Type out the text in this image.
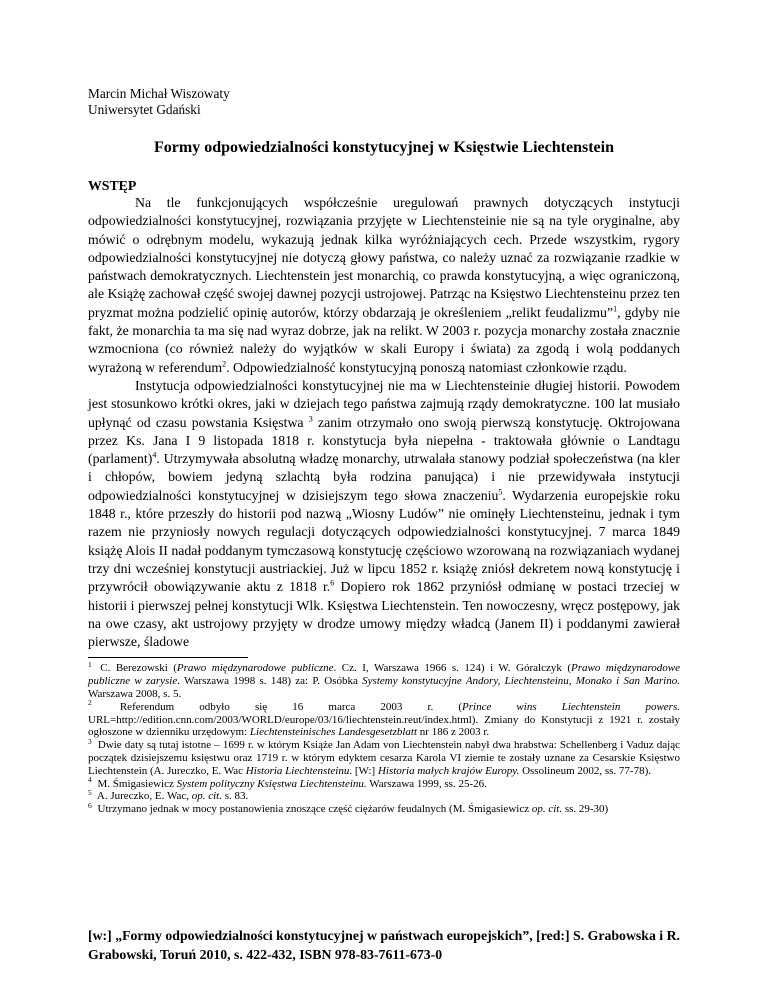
Marcin Michał Wiszowaty
Uniwersytet Gdański
Formy odpowiedzialności konstytucyjnej w Księstwie Liechtenstein
WSTĘP

Na tle funkcjonujących współcześnie uregulowań prawnych dotyczących instytucji odpowiedzialności konstytucyjnej, rozwiązania przyjęte w Liechtensteinie nie są na tyle oryginalne, aby mówić o odrębnym modelu, wykazują jednak kilka wyróżniających cech. Przede wszystkim, rygory odpowiedzialności konstytucyjnej nie dotyczą głowy państwa, co należy uznać za rozwiązanie rzadkie w państwach demokratycznych. Liechtenstein jest monarchią, co prawda konstytucyjną, a więc ograniczoną, ale Książę zachował część swojej dawnej pozycji ustrojowej. Patrząc na Księstwo Liechtensteinu przez ten pryzmat można podzielić opinię autorów, którzy obdarzają je określeniem „relikt feudalizmu”$^1$, gdyby nie fakt, że monarchia ta ma się nad wyraz dobrze, jak na relikt. W 2003 r. pozycja monarchy została znacznie wzmocniona (co również należy do wyjątków w skali Europy i świata) za zgodą i wolą poddanych wyrażoną w referendum$^2$. Odpowiedzialność konstytucyjną ponoszą natomiast członkowie rządu.

Instytucja odpowiedzialności konstytucyjnej nie ma w Liechtensteinie długiej historii. Powodem jest stosunkowo krótki okres, jaki w dziejach tego państwa zajmują rządy demokratyczne. 100 lat musiało upłynąć od czasu powstania Księstwa $^3$ zanim otrzymało ono swoją pierwszą konstytucję. Oktrojowana przez Ks. Jana I 9 listopada 1818 r. konstytucja była niepełna - traktowała głównie o Landtagu (parlament)$^4$. Utrzymywała absolutną władzę monarchy, utrwalała stanowy podział społeczeństwa (na kler i chłopów, bowiem jedyną szlachtą była rodzina panująca) i nie przewidywała instytucji odpowiedzialności konstytucyjnej w dzisiejszym tego słowa znaczeniu$^5$. Wydarzenia europejskie roku 1848 r., które przeszły do historii pod nazwą „Wiosny Ludów” nie ominęły Liechtensteinu, jednak i tym razem nie przyniosły nowych regulacji dotyczących odpowiedzialności konstytucyjnej. 7 marca 1849 książę Alois II nadał poddanym tymczasową konstytucję częściowo wzorowaną na rozwiązaniach wydanej trzy dni wcześniej konstytucji austriackiej. Już w lipcu 1852 r. książę zniósł dekretem nową konstytucję i przywrócił obowiązywanie aktu z 1818 r.$^6$ Dopiero rok 1862 przyniósł odmianę w postaci trzeciej w historii i pierwszej pełnej konstytucji Wlk. Księstwa Liechtenstein. Ten nowoczesny, wręcz postępowy, jak na owe czasy, akt ustrojowy przyjęty w drodze umowy między władcą (Janem II) i poddanymi zawierał pierwsze, śladowe

$^1$ C. Berezowski (Prawo międzynarodowe publiczne. Cz. I, Warszawa 1966 s. 124) i W. Góralczyk (Prawo międzynarodowe publiczne w zarysie. Warszawa 1998 s. 148) za: P. Osóbka Systemy konstytucyjne Andory, Liechtensteinu, Monako i San Marino. Warszawa 2008, s. 5.

$^2$ Referendum odbyło się 16 marca 2003 r. (Prince wins Liechtenstein powers. URL=http://edition.cnn.com/2003/WORLD/europe/03/16/liechtenstein.reut/index.html). Zmiany do Konstytucji z 1921 r. zostały ogłoszone w dzienniku urzędowym: Liechtensteinisches Landesgesetzblatt nr 186 z 2003 r.

$^3$ Dwie daty są tutaj istotne – 1699 r. w którym Książe Jan Adam von Liechtenstein nabył dwa hrabstwa: Schellenberg i Vaduz dając początek dzisiejszemu księstwu oraz 1719 r. w którym edyktem cesarza Karola VI ziemie te zostały uznane za Cesarskie Księstwo Liechtenstein (A. Jureczko, E. Wac Historia Liechtensteinu. [W:] Historia małych krajów Europy. Ossolineum 2002, ss. 77-78).

$^4$ M. Śmigasiewicz System polityczny Księstwa Liechtensteinu. Warszawa 1999, ss. 25-26.

$^5$ A. Jureczko, E. Wac, op. cit. s. 83.

$^6$ Utrzymano jednak w mocy postanowienia znoszące część ciężarów feudalnych (M. Śmigasiewicz op. cit. ss. 29-30)

[w:] „Formy odpowiedzialności konstytucyjnej w państwach europejskich”, [red:] S. Grabowska i R. Grabowski, Toruń 2010, s. 422-432, ISBN 978-83-7611-673-0
